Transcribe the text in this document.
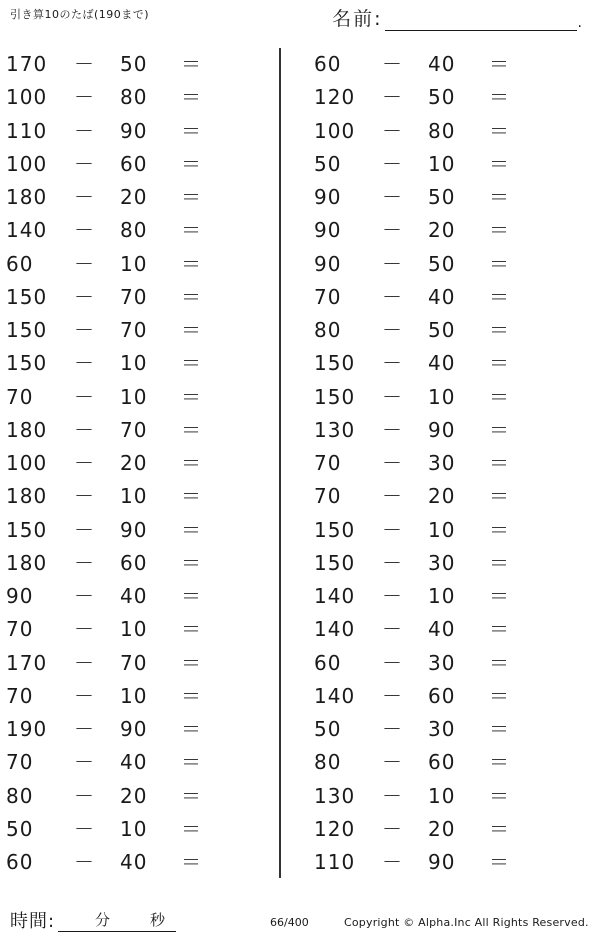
引き算10のたば(190まで)	名前:	.
170	－ 50	＝
100	－ 80	＝
110	－ 90	＝
100	－ 60	＝
180	－ 20	＝
140	－ 80	＝
60	－ 10	＝
150	－ 70	＝
150	－ 70	＝
150	－ 10	＝
70	－ 10	＝
180	－ 70	＝
100	－ 20	＝
180	－ 10	＝
150	－ 90	＝
180	－ 60	＝
90	－ 40	＝
70	－ 10	＝
170	－ 70	＝
70	－ 10	＝
190	－ 90	＝
70	－ 40	＝
80	－ 20	＝
50	－ 10	＝
60	－ 40	＝
60	－ 40	＝
120	－ 50	＝
100	－ 80	＝
50	－ 10	＝
90	－ 50	＝
90	－ 20	＝
90	－ 50	＝
70	－ 40	＝
80	－ 50	＝
150	－ 40	＝
150	－ 10	＝
130	－ 90	＝
70	－ 30	＝
70	－ 20	＝
150	－ 10	＝
150	－ 30	＝
140	－ 10	＝
140	－ 40	＝
60	－ 30	＝
140	－ 60	＝
50	－ 30	＝
80	－ 60	＝
130	－ 10	＝
120	－ 20	＝
110	－ 90	＝
時間:	分	秒	66/400	Copyright © Alpha.Inc All Rights Reserved.
